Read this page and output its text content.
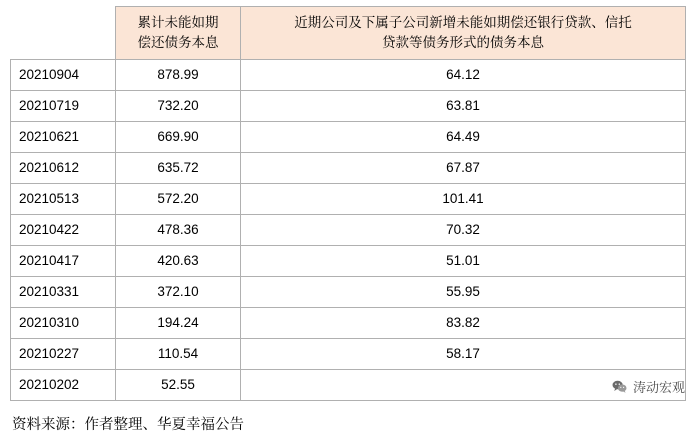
累计未能如期
偿还债务本息

近期公司及下属子公司新增未能如期偿还银行贷款、信托
贷款等债务形式的债务本息

20210904	878.99	64.12
20210719	732.20	63.81
20210621	669.90	64.49
20210612	635.72	67.87
20210513	572.20	101.41
20210422	478.36	70.32
20210417	420.63	51.01
20210331	372.10	55.95
20210310	194.24	83.82
20210227	110.54	58.17
20210202	52.55	
资料来源：作者整理、华夏幸福公告
涛动宏观
